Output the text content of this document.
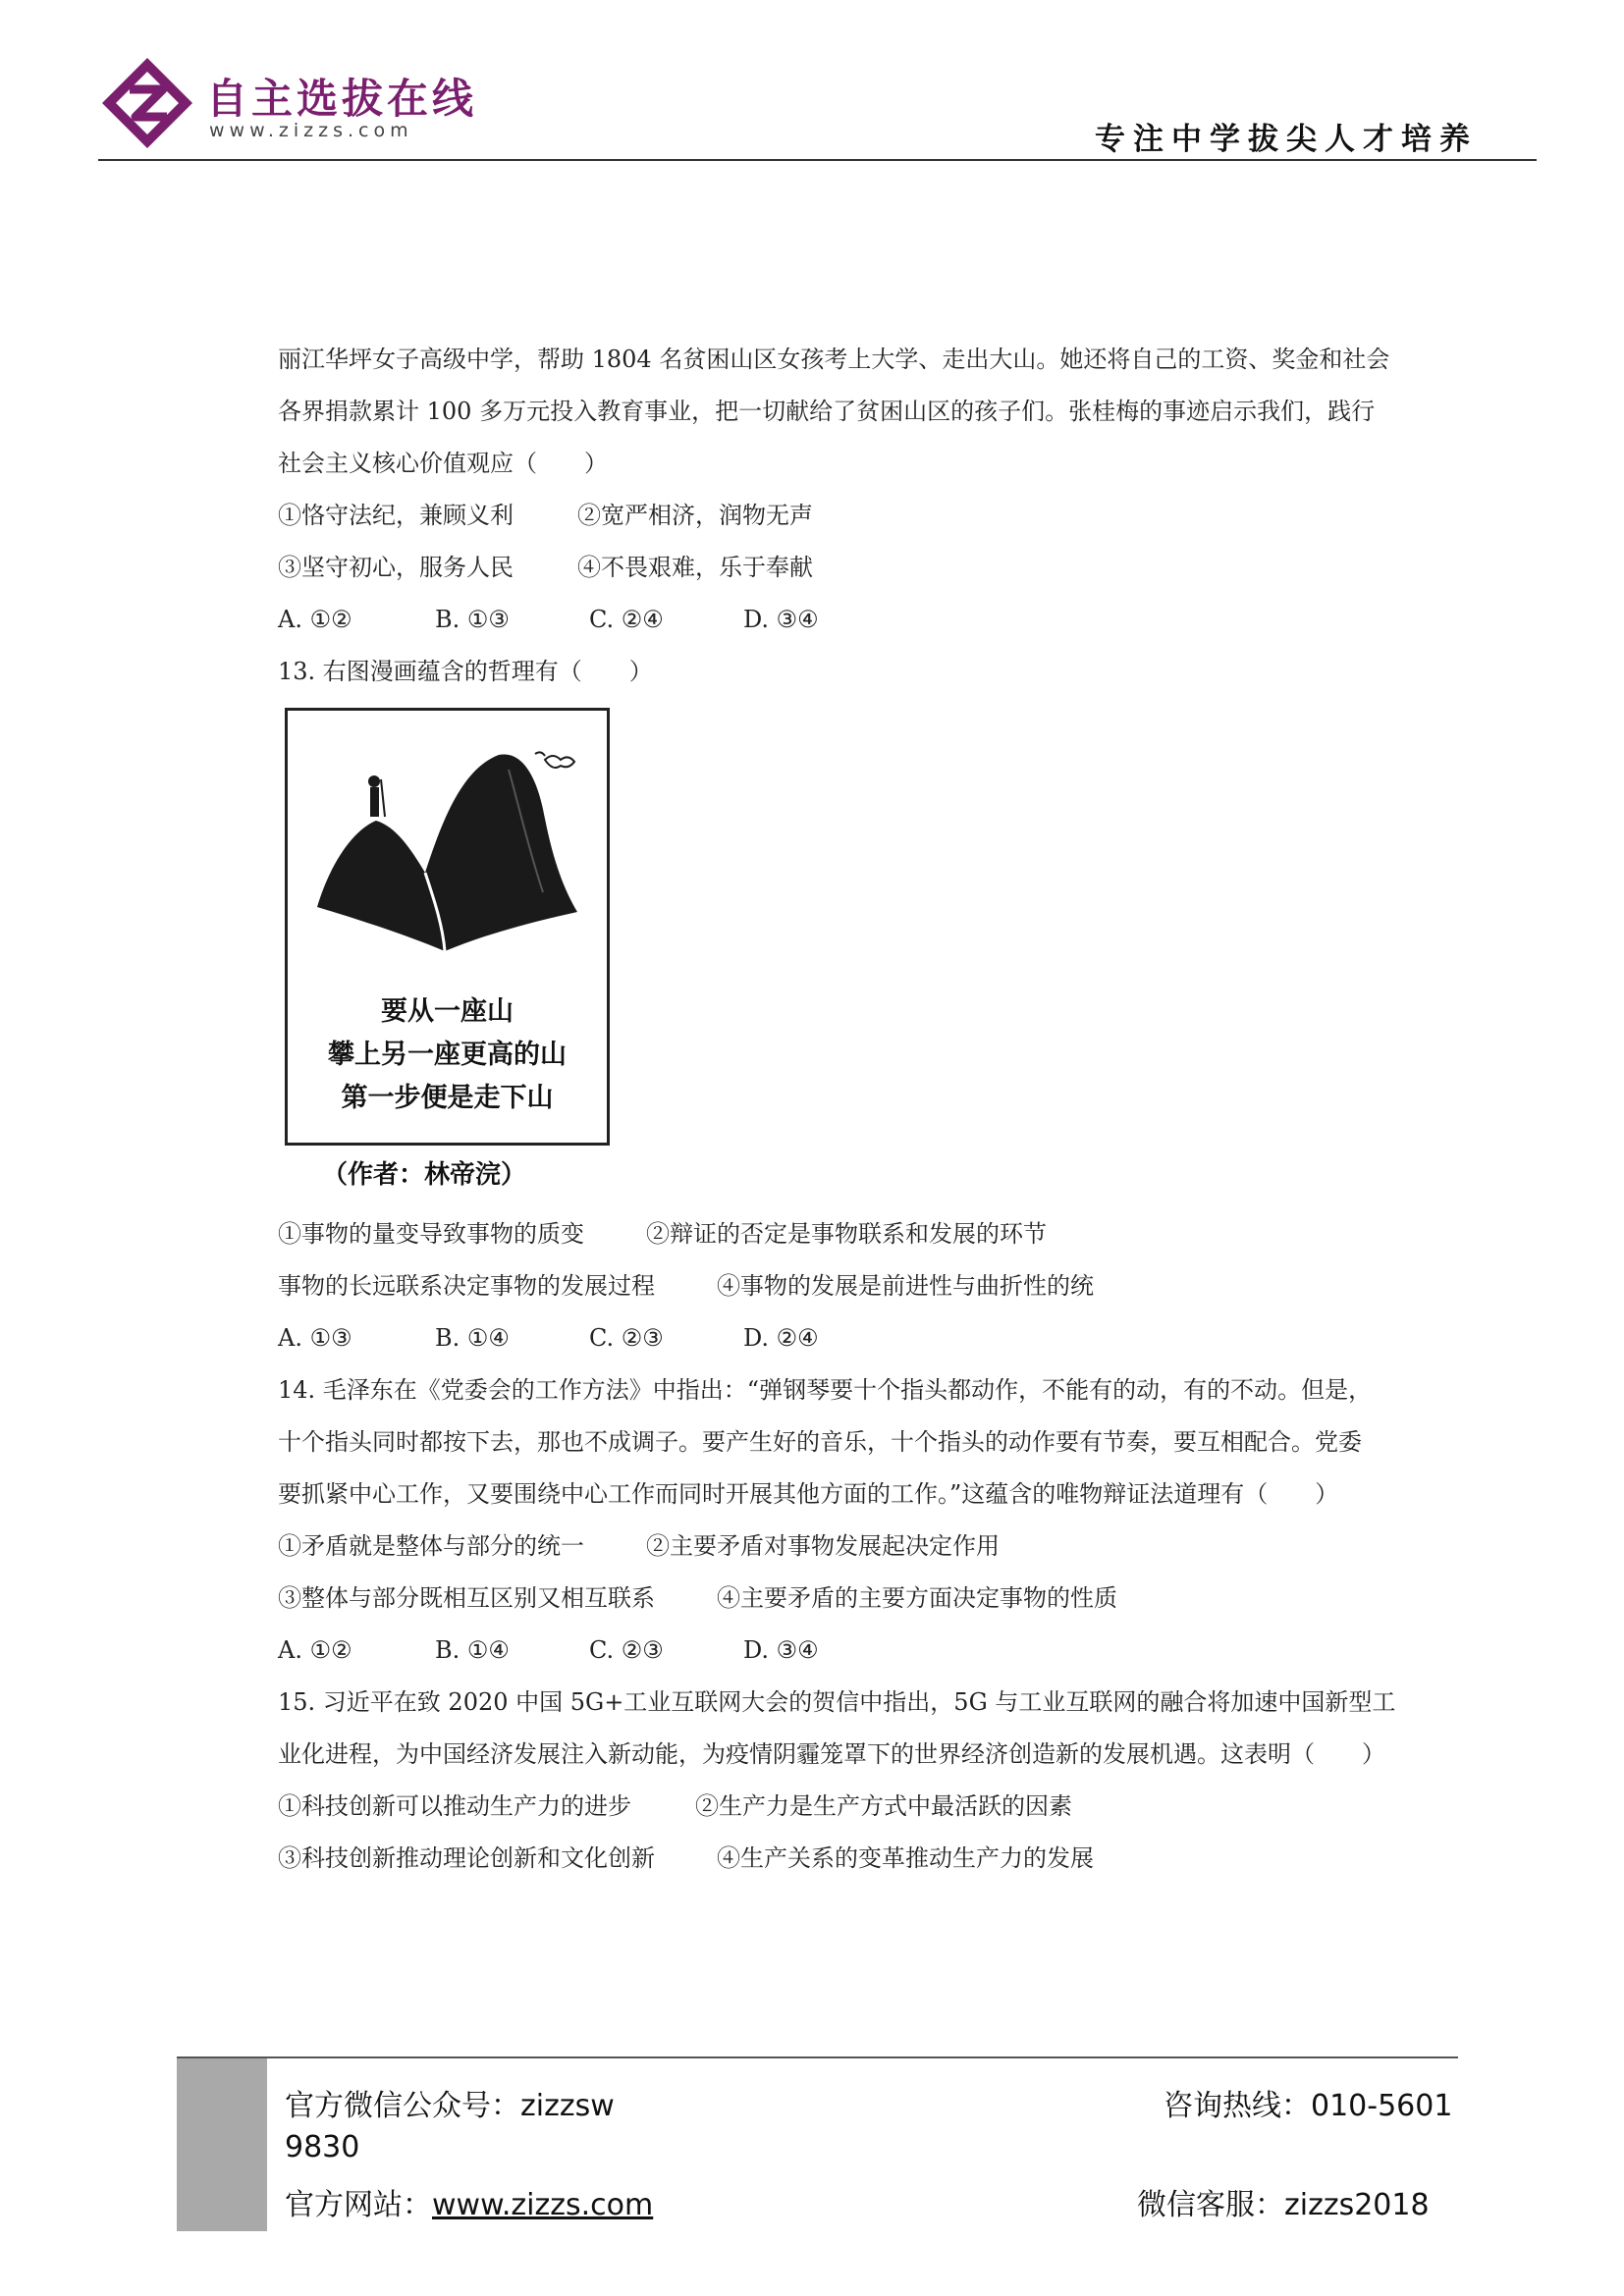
自主选拔在线
www.zizzs.com	专注中学拔尖人才培养
丽江华坪女子高级中学，帮助 1804 名贫困山区女孩考上大学、走出大山。她还将自己的工资、奖金和社会
各界捐款累计 100 多万元投入教育事业，把一切献给了贫困山区的孩子们。张桂梅的事迹启示我们，践行
社会主义核心价值观应（　　）
①恪守法纪，兼顾义利	②宽严相济，润物无声
③坚守初心，服务人民	④不畏艰难，乐于奉献
A. ①②	B. ①③	C. ②④	D. ③④
13. 右图漫画蕴含的哲理有（　　）
要从一座山
攀上另一座更高的山
第一步便是走下山
（作者：林帝浣）
①事物的量变导致事物的质变	②辩证的否定是事物联系和发展的环节
事物的长远联系决定事物的发展过程	④事物的发展是前进性与曲折性的统
A. ①③	B. ①④	C. ②③	D. ②④
14. 毛泽东在《党委会的工作方法》中指出：“弹钢琴要十个指头都动作，不能有的动，有的不动。但是，
十个指头同时都按下去，那也不成调子。要产生好的音乐，十个指头的动作要有节奏，要互相配合。党委
要抓紧中心工作，又要围绕中心工作而同时开展其他方面的工作。”这蕴含的唯物辩证法道理有（　　）
①矛盾就是整体与部分的统一	②主要矛盾对事物发展起决定作用
③整体与部分既相互区别又相互联系	④主要矛盾的主要方面决定事物的性质
A. ①②	B. ①④	C. ②③	D. ③④
15. 习近平在致 2020 中国 5G+工业互联网大会的贺信中指出，5G 与工业互联网的融合将加速中国新型工
业化进程，为中国经济发展注入新动能，为疫情阴霾笼罩下的世界经济创造新的发展机遇。这表明（　　）
①科技创新可以推动生产力的进步	②生产力是生产方式中最活跃的因素
③科技创新推动理论创新和文化创新	④生产关系的变革推动生产力的发展
官方微信公众号：zizzsw
9830
官方网站：www.zizzs.com
咨询热线：010-5601
微信客服：zizzs2018
